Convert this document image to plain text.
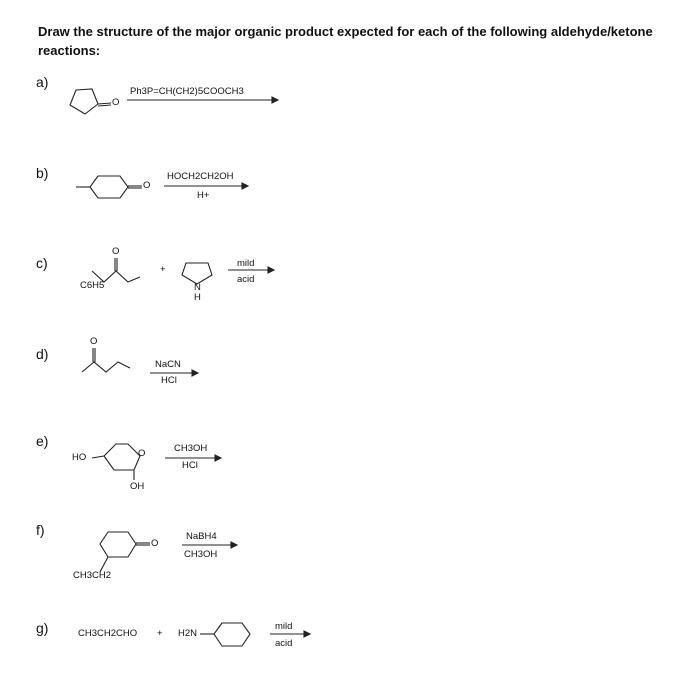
Draw the structure of the major organic product expected for each of the following aldehyde/ketone reactions:
a)
O
Ph3P=CH(CH2)5COOCH3
b)
O
HOCH2CH2OH
H+
c)
O
C6H5
+
N
H
mild
acid
d)
O
NaCN
HCl
e)
HO	O
OH
CH3OH
HCl
f)
O
CH3CH2
NaBH4
CH3OH
g)	CH3CH2CHO + H2N
mild
acid
